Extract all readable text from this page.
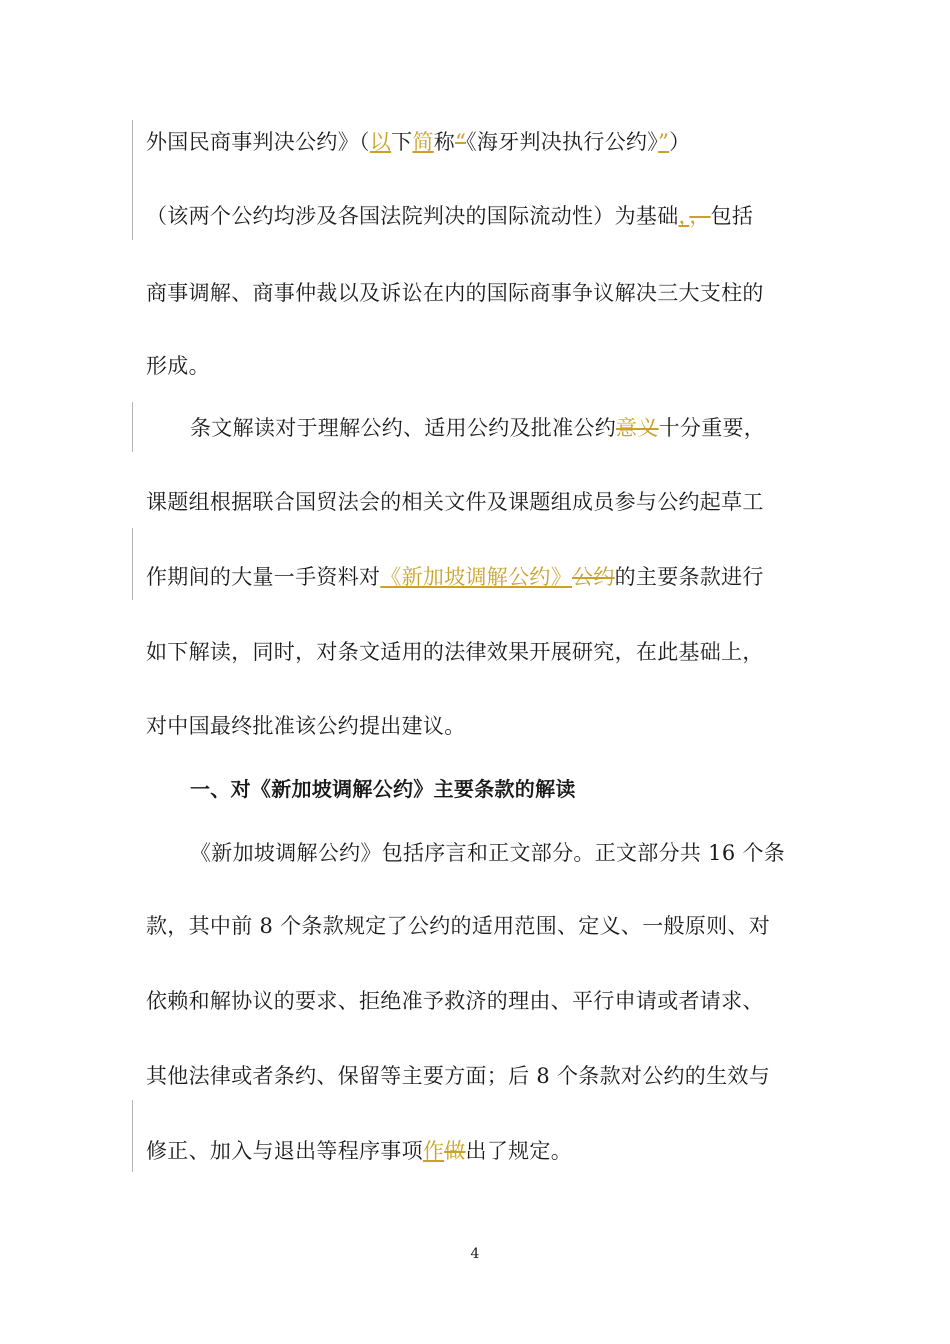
外国民商事判决公约》（以下简称“《海牙判决执行公约》”）
（该两个公约均涉及各国法院判决的国际流动性）为基础，，包括
商事调解、商事仲裁以及诉讼在内的国际商事争议解决三大支柱的
形成。
条文解读对于理解公约、适用公约及批准公约意义十分重要，
课题组根据联合国贸法会的相关文件及课题组成员参与公约起草工
作期间的大量一手资料对《新加坡调解公约》公约的主要条款进行
如下解读，同时，对条文适用的法律效果开展研究，在此基础上，
对中国最终批准该公约提出建议。
一、对《新加坡调解公约》主要条款的解读
《新加坡调解公约》包括序言和正文部分。正文部分共 16 个条
款，其中前 8 个条款规定了公约的适用范围、定义、一般原则、对
依赖和解协议的要求、拒绝准予救济的理由、平行申请或者请求、
其他法律或者条约、保留等主要方面；后 8 个条款对公约的生效与
修正、加入与退出等程序事项作做出了规定。
4
